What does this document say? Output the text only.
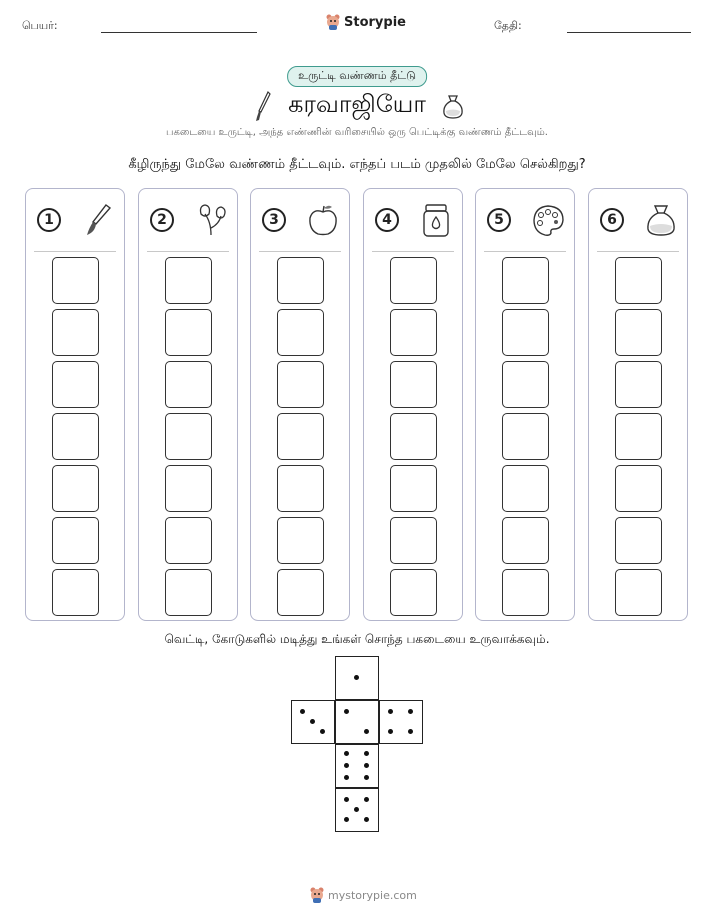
பெயர்:	Storypie	தேதி:
உருட்டி வண்ணம் தீட்டு
கரவாஜியோ
பகடையை உருட்டி, அந்த எண்ணின் வரிசையில் ஒரு பெட்டிக்கு வண்ணம் தீட்டவும்.
கீழிருந்து மேலே வண்ணம் தீட்டவும். எந்தப் படம் முதலில் மேலே செல்கிறது?
1	2	3	4	5	6
வெட்டி, கோடுகளில் மடித்து உங்கள் சொந்த பகடையை உருவாக்கவும்.
mystorypie.com
